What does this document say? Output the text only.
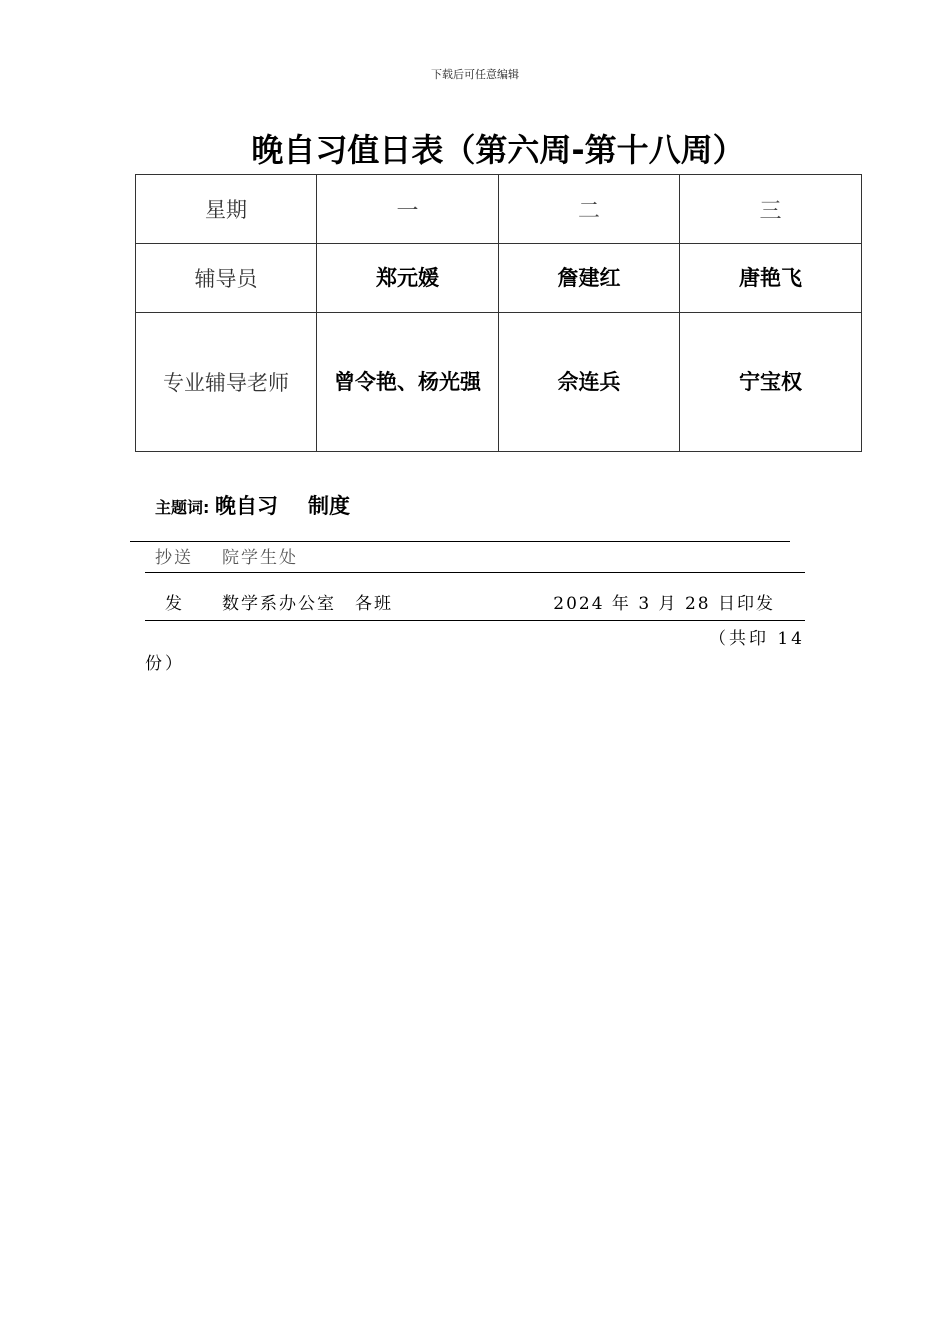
下载后可任意编辑
晚自习值日表（第六周-第十八周）
星期	一	二	三
辅导员	郑元媛	詹建红	唐艳飞
专业辅导老师	曾令艳、杨光强	佘连兵	宁宝权
主题词: 晚自习 制度
抄送 院学生处
发 数学系办公室　各班	2024 年 3 月 28 日印发
（共印 14
份）
